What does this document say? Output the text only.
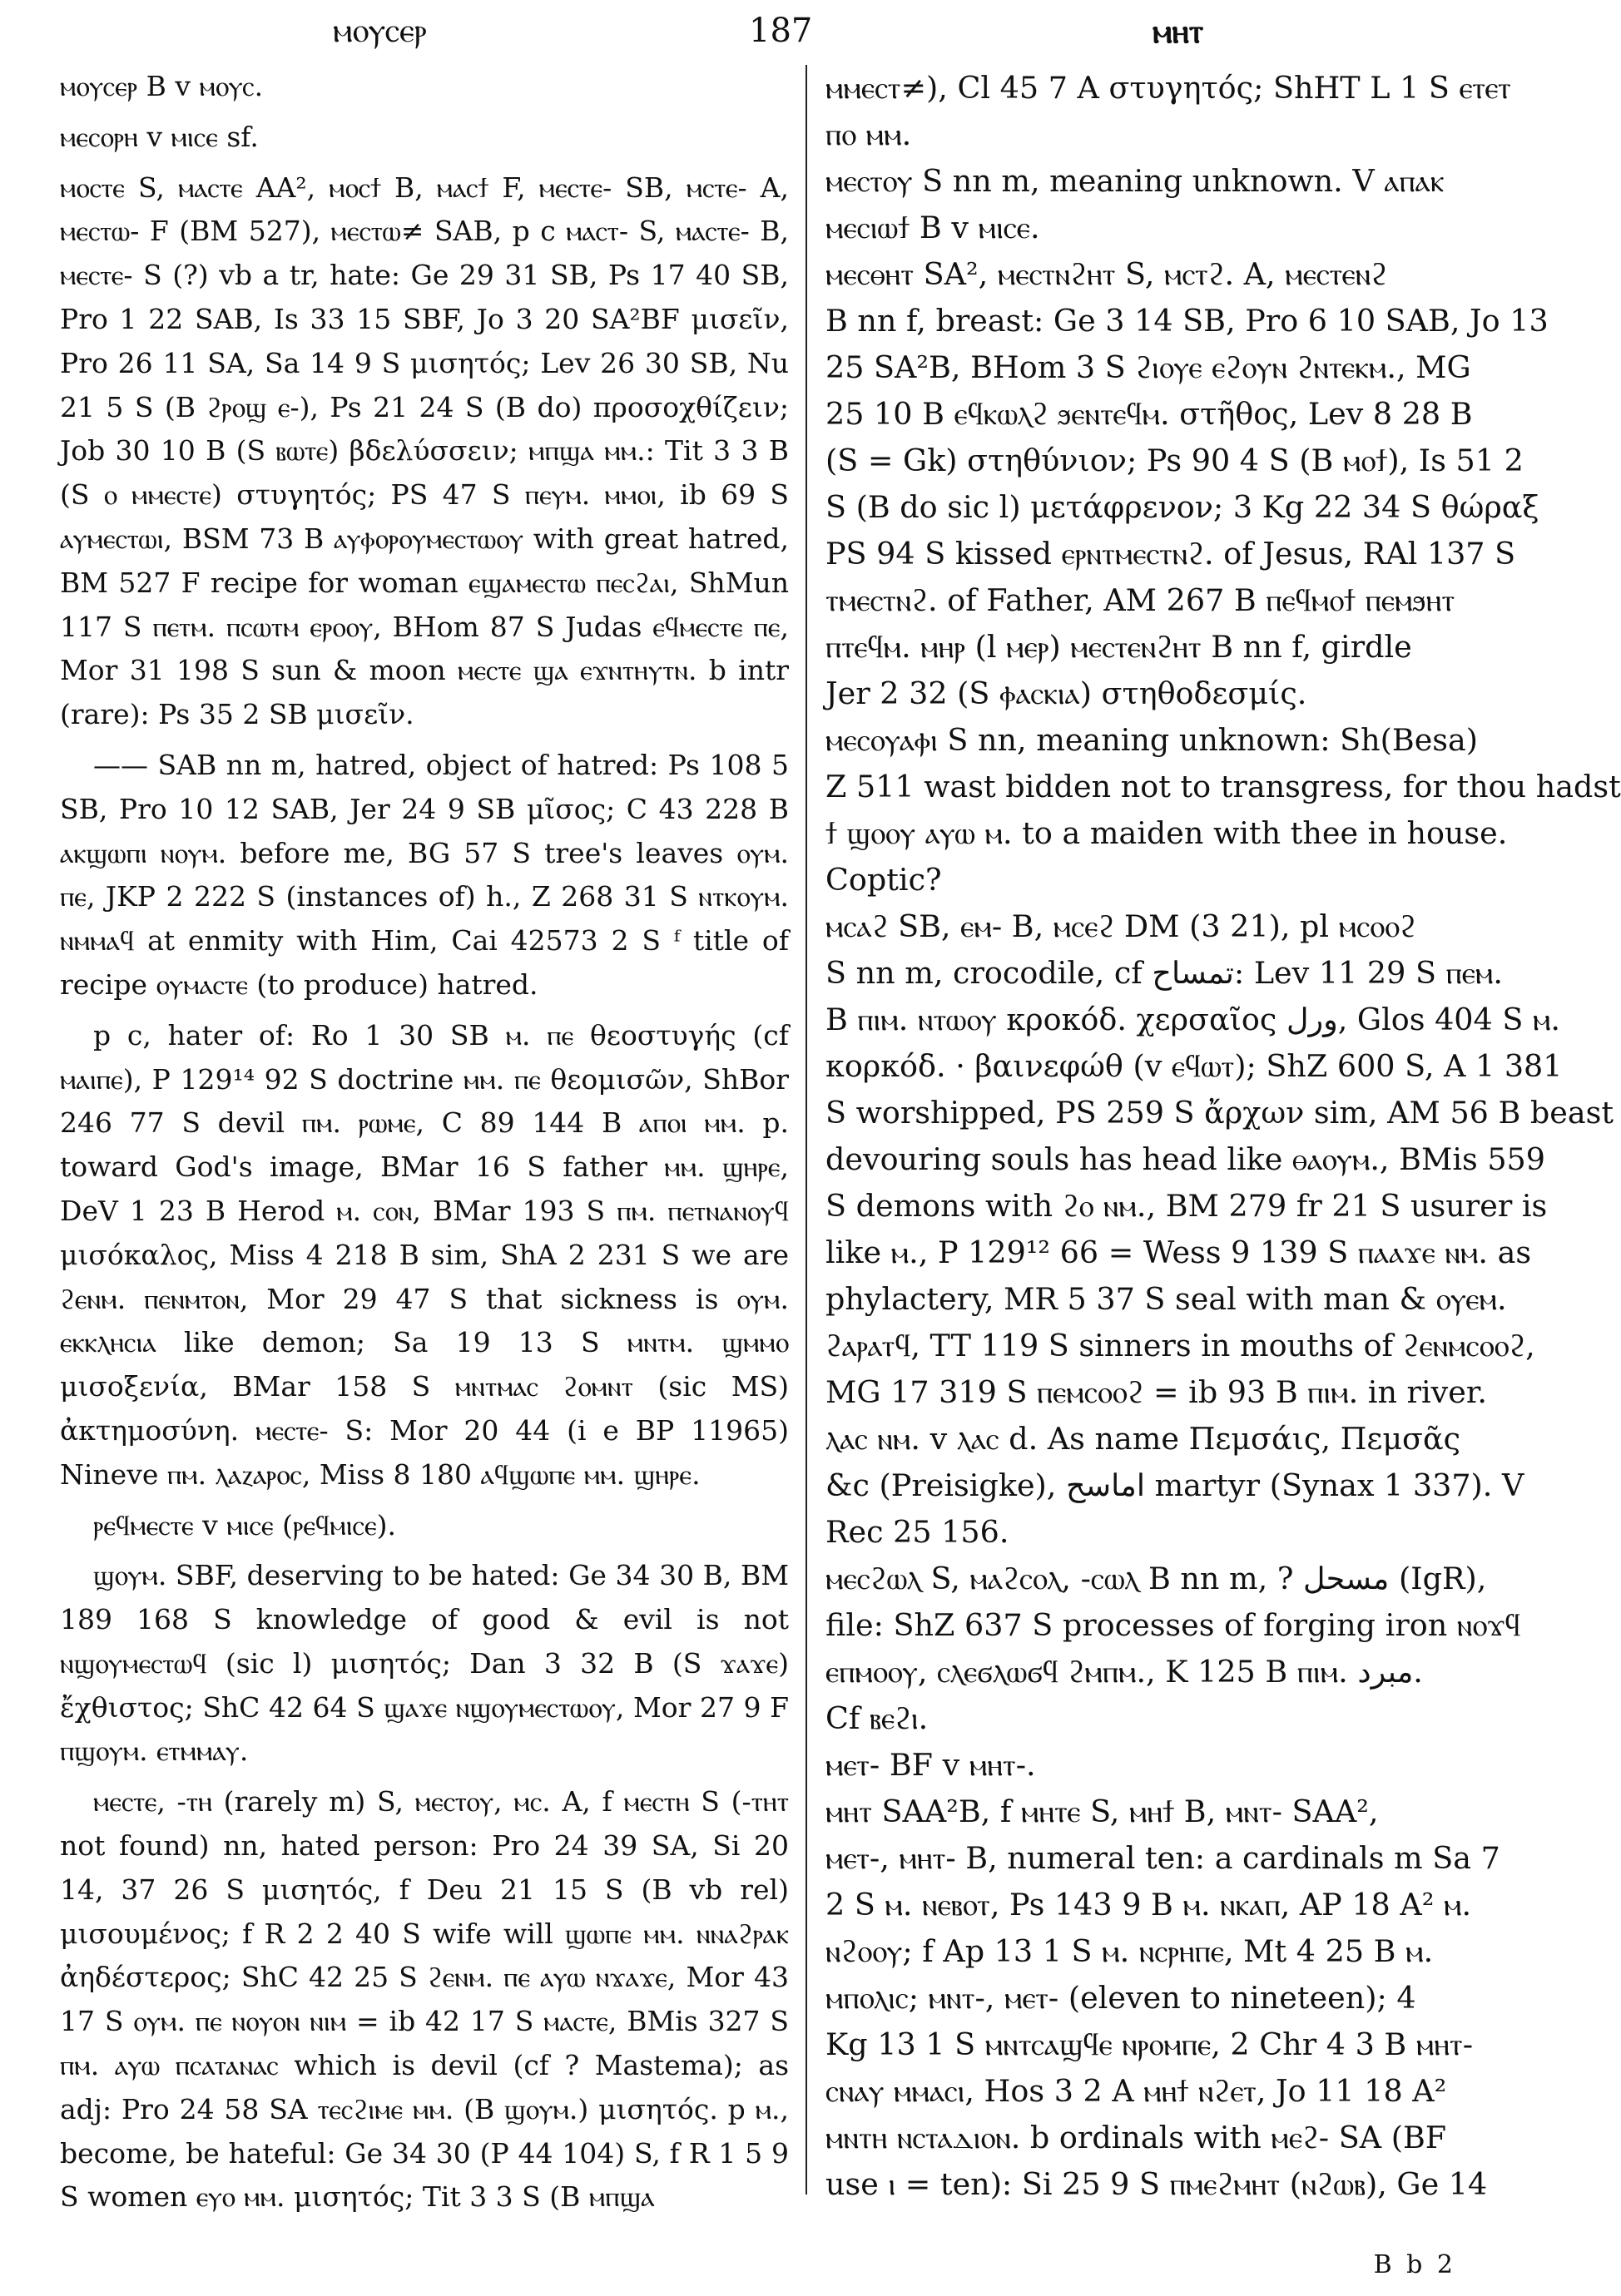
ⲙⲟⲩⲥⲉⲣ	187	ⲙⲏⲧ

ⲙⲟⲩⲥⲉⲣ B v ⲙⲟⲩⲥ.

ⲙⲉⲥⲟⲣⲏ v ⲙⲓⲥⲉ sf.

ⲙⲟⲥⲧⲉ S, ⲙⲁⲥⲧⲉ AA², ⲙⲟⲥϯ B, ⲙⲁⲥϯ F, ⲙⲉⲥⲧⲉ- SB, ⲙⲥⲧⲉ- A, ⲙⲉⲥⲧⲱ- F (BM 527), ⲙⲉⲥⲧⲱ≠ SAB, p c ⲙⲁⲥⲧ- S, ⲙⲁⲥⲧⲉ- B, ⲙⲉⲥⲧⲉ- S (?) vb a tr, hate: Ge 29 31 SB, Ps 17 40 SB, Pro 1 22 SAB, Is 33 15 SBF, Jo 3 20 SA²BF μισεῖν, Pro 26 11 SA, Sa 14 9 S μισητός; Lev 26 30 SB, Nu 21 5 S (B ϩⲣⲟϣ ⲉ-), Ps 21 24 S (B do) προσοχθίζειν; Job 30 10 B (S ⲃⲱⲧⲉ) βδελύσσειν; ⲙⲡϣⲁ ⲙⲙ.: Tit 3 3 B (S ⲟ ⲙⲙⲉⲥⲧⲉ) στυγητός; PS 47 S ⲡⲉⲩⲙ. ⲙⲙⲟⲓ, ib 69 S ⲁⲩⲙⲉⲥⲧⲱⲓ, BSM 73 B ⲁⲩⲫⲟⲣⲟⲩⲙⲉⲥⲧⲱⲟⲩ with great hatred, BM 527 F recipe for woman ⲉϣⲁⲙⲉⲥⲧⲱ ⲡⲉⲥϩⲁⲓ, ShMun 117 S ⲡⲉⲧⲙ. ⲡⲥⲱⲧⲙ ⲉⲣⲟⲟⲩ, BHom 87 S Judas ⲉϥⲙⲉⲥⲧⲉ ⲡⲉ, Mor 31 198 S sun & moon ⲙⲉⲥⲧⲉ ϣⲁ ⲉϫⲛⲧⲏⲩⲧⲛ. b intr (rare): Ps 35 2 SB μισεῖν.

—— SAB nn m, hatred, object of hatred: Ps 108 5 SB, Pro 10 12 SAB, Jer 24 9 SB μῖσος; C 43 228 B ⲁⲕϣⲱⲡⲓ ⲛⲟⲩⲙ. before me, BG 57 S tree's leaves ⲟⲩⲙ. ⲡⲉ, JKP 2 222 S (instances of) h., Z 268 31 S ⲛⲧⲕⲟⲩⲙ. ⲛⲙⲙⲁϥ at enmity with Him, Cai 42573 2 S ᶠ title of recipe ⲟⲩⲙⲁⲥⲧⲉ (to produce) hatred.

p c, hater of: Ro 1 30 SB ⲙ. ⲡⲉ θεοστυγής (cf ⲙⲁⲓⲡⲉ), P 129¹⁴ 92 S doctrine ⲙⲙ. ⲡⲉ θεομισῶν, ShBor 246 77 S devil ⲡⲙ. ⲣⲱⲙⲉ, C 89 144 B ⲁⲡⲟⲓ ⲙⲙ. p. toward God's image, BMar 16 S father ⲙⲙ. ϣⲏⲣⲉ, DeV 1 23 B Herod ⲙ. ⲥⲟⲛ, BMar 193 S ⲡⲙ. ⲡⲉⲧⲛⲁⲛⲟⲩϥ μισόκαλος, Miss 4 218 B sim, ShA 2 231 S we are ϩⲉⲛⲙ. ⲡⲉⲛⲙⲧⲟⲛ, Mor 29 47 S that sickness is ⲟⲩⲙ. ⲉⲕⲕⲗⲏⲥⲓⲁ like demon; Sa 19 13 S ⲙⲛⲧⲙ. ϣⲙⲙⲟ μισοξενία, BMar 158 S ⲙⲛⲧⲙⲁⲥ ϩⲟⲙⲛⲧ (sic MS) ἀκτημοσύνη. ⲙⲉⲥⲧⲉ- S: Mor 20 44 (i e BP 11965) Nineve ⲡⲙ. ⲗⲁⲍⲁⲣⲟⲥ, Miss 8 180 ⲁϥϣⲱⲡⲉ ⲙⲙ. ϣⲏⲣⲉ.

ⲣⲉϥⲙⲉⲥⲧⲉ v ⲙⲓⲥⲉ (ⲣⲉϥⲙⲓⲥⲉ).

ϣⲟⲩⲙ. SBF, deserving to be hated: Ge 34 30 B, BM 189 168 S knowledge of good & evil is not ⲛϣⲟⲩⲙⲉⲥⲧⲱϥ (sic l) μισητός; Dan 3 32 B (S ϫⲁϫⲉ) ἔχθιστος; ShC 42 64 S ϣⲁϫⲉ ⲛϣⲟⲩⲙⲉⲥⲧⲱⲟⲩ, Mor 27 9 F ⲡϣⲟⲩⲙ. ⲉⲧⲙⲙⲁⲩ.

ⲙⲉⲥⲧⲉ, -ⲧⲏ (rarely m) S, ⲙⲉⲥⲧⲟⲩ, ⲙⲥ. A, f ⲙⲉⲥⲧⲏ S (-ⲧⲏⲧ not found) nn, hated person: Pro 24 39 SA, Si 20 14, 37 26 S μισητός, f Deu 21 15 S (B vb rel) μισουμένος; f R 2 2 40 S wife will ϣⲱⲡⲉ ⲙⲙ. ⲛⲛⲁϩⲣⲁⲕ ἀηδέστερος; ShC 42 25 S ϩⲉⲛⲙ. ⲡⲉ ⲁⲩⲱ ⲛϫⲁϫⲉ, Mor 43 17 S ⲟⲩⲙ. ⲡⲉ ⲛⲟⲩⲟⲛ ⲛⲓⲙ = ib 42 17 S ⲙⲁⲥⲧⲉ, BMis 327 S ⲡⲙ. ⲁⲩⲱ ⲡⲥⲁⲧⲁⲛⲁⲥ which is devil (cf ? Mastema); as adj: Pro 24 58 SA ⲧⲉⲥϩⲓⲙⲉ ⲙⲙ. (B ϣⲟⲩⲙ.) μισητός. p ⲙ., become, be hateful: Ge 34 30 (P 44 104) S, f R 1 5 9 S women ⲉⲩⲟ ⲙⲙ. μισητός; Tit 3 3 S (B ⲙⲡϣⲁ

ⲙⲙⲉⲥⲧ≠), Cl 45 7 A στυγητός; ShHT L 1 S ⲉⲧⲉⲧ

ⲡⲟ ⲙⲙ.

ⲙⲉⲥⲧⲟⲩ S nn m, meaning unknown. V ⲁⲡⲁⲕ

ⲙⲉⲥⲓⲱϯ B v ⲙⲓⲥⲉ.

ⲙⲉⲥⲑⲏⲧ SA², ⲙⲉⲥⲧⲛϩⲏⲧ S, ⲙⲥⲧϩ. A, ⲙⲉⲥⲧⲉⲛϩ

B nn f, breast: Ge 3 14 SB, Pro 6 10 SAB, Jo 13

25 SA²B, BHom 3 S ϩⲓⲟⲩⲉ ⲉϩⲟⲩⲛ ϩⲛⲧⲉⲕⲙ., MG

25 10 B ⲉϥⲕⲱⲗϩ ϧⲉⲛⲧⲉϥⲙ. στῆθος, Lev 8 28 B

(S = Gk) στηθύνιον; Ps 90 4 S (B ⲙⲟϯ), Is 51 2

S (B do sic l) μετάφρενον; 3 Kg 22 34 S θώραξ

PS 94 S kissed ⲉⲣⲛⲧⲙⲉⲥⲧⲛϩ. of Jesus, RAl 137 S

ⲧⲙⲉⲥⲧⲛϩ. of Father, AM 267 B ⲡⲉϥⲙⲟϯ ⲡⲉⲙϧⲏⲧ

ⲡⲧⲉϥⲙ. ⲙⲏⲣ (l ⲙⲉⲣ) ⲙⲉⲥⲧⲉⲛϩⲏⲧ B nn f, girdle

Jer 2 32 (S ⲫⲁⲥⲕⲓⲁ) στηθοδεσμίς.

ⲙⲉⲥⲟⲩⲁⲫⲓ S nn, meaning unknown: Sh(Besa)

Z 511 wast bidden not to transgress, for thou hadst

ϯ ϣⲟⲟⲩ ⲁⲩⲱ ⲙ. to a maiden with thee in house.

Coptic?

ⲙⲥⲁϩ SB, ⲉⲙ- B, ⲙⲥⲉϩ DM (3 21), pl ⲙⲥⲟⲟϩ

S nn m, crocodile, cf تمساح: Lev 11 29 S ⲡⲉⲙ.

B ⲡⲓⲙ. ⲛⲧⲱⲟⲩ κροκόδ. χερσαῖος ورل, Glos 404 S ⲙ.

κορκόδ. · βαινεφώθ (v ⲉϥⲱⲧ); ShZ 600 S, A 1 381

S worshipped, PS 259 S ἄρχων sim, AM 56 B beast

devouring souls has head like ⲑⲁⲟⲩⲙ., BMis 559

S demons with ϩⲟ ⲛⲙ., BM 279 fr 21 S usurer is

like ⲙ., P 129¹² 66 = Wess 9 139 S ⲡⲁⲁϫⲉ ⲛⲙ. as

phylactery, MR 5 37 S seal with man & ⲟⲩⲉⲙ.

ϩⲁⲣⲁⲧϥ, TT 119 S sinners in mouths of ϩⲉⲛⲙⲥⲟⲟϩ,

MG 17 319 S ⲡⲉⲙⲥⲟⲟϩ = ib 93 B ⲡⲓⲙ. in river.

ⲗⲁⲥ ⲛⲙ. v ⲗⲁⲥ d. As name Πεμσάις, Πεμσᾶς

&c (Preisigke), اماسح martyr (Synax 1 337). V

Rec 25 156.

ⲙⲉⲥϩⲱⲗ S, ⲙⲁϩⲥⲟⲗ, -ⲥⲱⲗ B nn m, ? مسحل (IgR),

file: ShZ 637 S processes of forging iron ⲛⲟϫϥ

ⲉⲡⲙⲟⲟⲩ, ⲥⲗⲉϭⲗⲱϭϥ ϩⲙⲡⲙ., K 125 B ⲡⲓⲙ. مبرد.

Cf ⲃⲉϩⲓ.

ⲙⲉⲧ- BF v ⲙⲏⲧ-.

ⲙⲏⲧ SAA²B, f ⲙⲏⲧⲉ S, ⲙⲏϯ B, ⲙⲛⲧ- SAA²,

ⲙⲉⲧ-, ⲙⲏⲧ- B, numeral ten: a cardinals m Sa 7

2 S ⲙ. ⲛⲉⲃⲟⲧ, Ps 143 9 B ⲙ. ⲛⲕⲁⲡ, AP 18 A² ⲙ.

ⲛϩⲟⲟⲩ; f Ap 13 1 S ⲙ. ⲛⲥⲣⲏⲡⲉ, Mt 4 25 B ⲙ.

ⲙⲡⲟⲗⲓⲥ; ⲙⲛⲧ-, ⲙⲉⲧ- (eleven to nineteen); 4

Kg 13 1 S ⲙⲛⲧⲥⲁϣϥⲉ ⲛⲣⲟⲙⲡⲉ, 2 Chr 4 3 B ⲙⲏⲧ-

ⲥⲛⲁⲩ ⲙⲙⲁⲥⲓ, Hos 3 2 A ⲙⲏϯ ⲛϩⲉⲧ, Jo 11 18 A²

ⲙⲛⲧⲏ ⲛⲥⲧⲁⲇⲓⲟⲛ. b ordinals with ⲙⲉϩ- SA (BF

use ⲓ = ten): Si 25 9 S ⲡⲙⲉϩⲙⲏⲧ (ⲛϩⲱⲃ), Ge 14

B b 2
